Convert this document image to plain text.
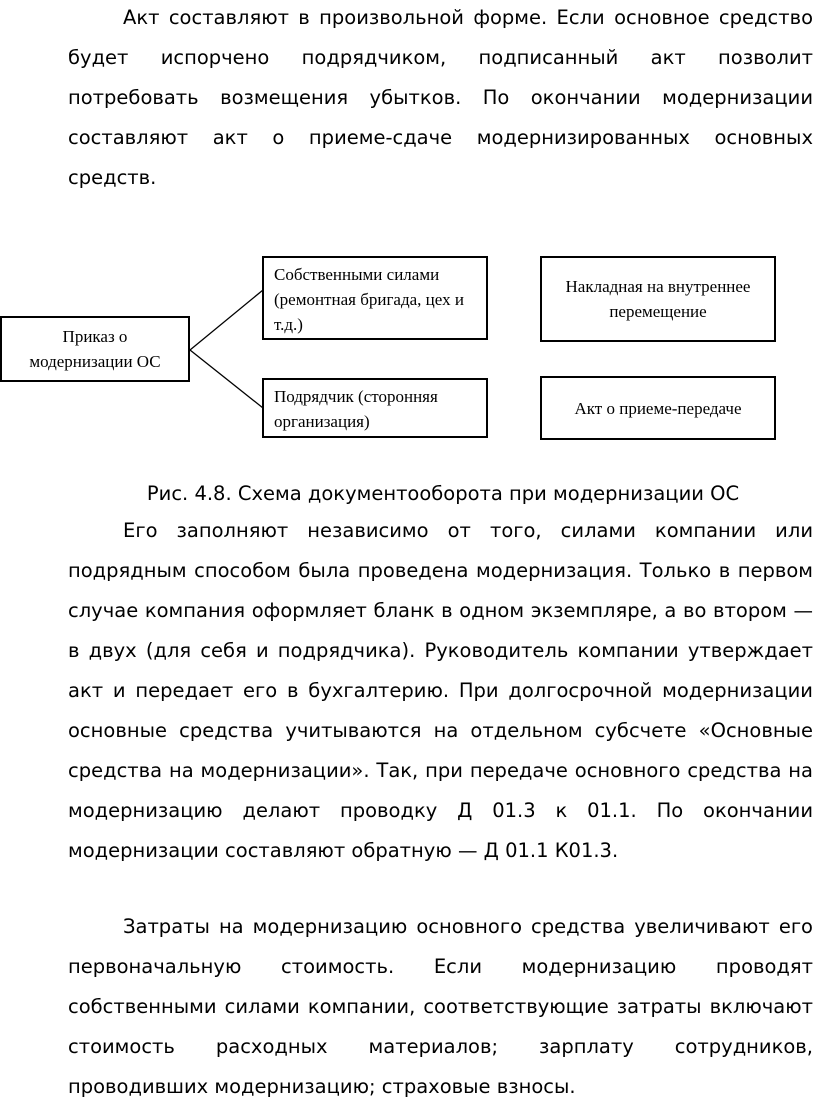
Акт составляют в произвольной форме. Если основное средство будет испорчено подрядчиком, подписанный акт позволит потребовать возмещения убытков. По окончании модернизации составляют акт о приеме-сдаче модернизированных основных средств.

Приказ о модернизации ОС
Собственными силами (ремонтная бригада, цех и т.д.)
Подрядчик (сторонняя организация)
Накладная на внутреннее перемещение
Акт о приеме-передаче
Рис. 4.8. Схема документооборота при модернизации ОС

Его заполняют независимо от того, силами компании или подрядным способом была проведена модернизация. Только в первом случае компания оформляет бланк в одном экземпляре, а во втором — в двух (для себя и подрядчика). Руководитель компании утверждает акт и передает его в бухгалтерию. При долгосрочной модернизации основные средства учитываются на отдельном субсчете «Основные средства на модернизации». Так, при передаче основного средства на модернизацию делают проводку Д 01.3 к 01.1. По окончании модернизации составляют обратную — Д 01.1 К01.3.

Затраты на модернизацию основного средства увеличивают его первоначальную стоимость. Если модернизацию проводят собственными силами компании, соответствующие затраты включают стоимость расходных материалов; зарплату сотрудников, проводивших модернизацию; страховые взносы.
